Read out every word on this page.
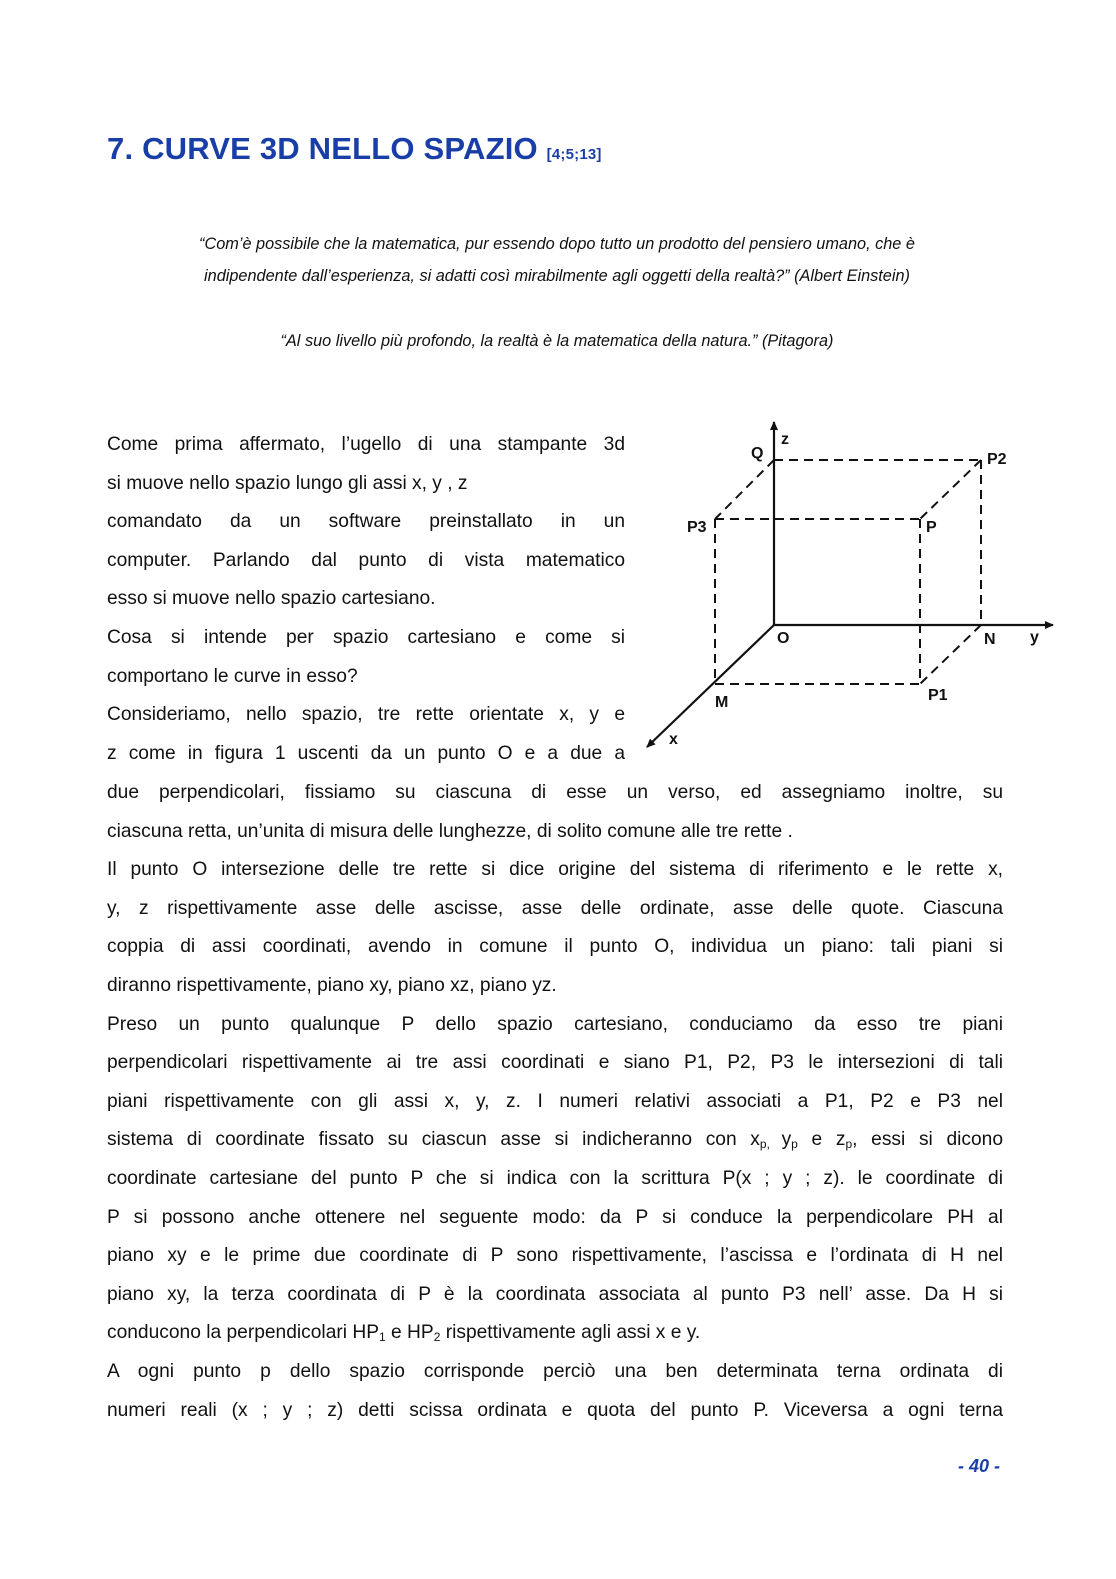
7. CURVE 3D NELLO SPAZIO [4;5;13]
“Com’è possibile che la matematica, pur essendo dopo tutto un prodotto del pensiero umano, che è
indipendente dall’esperienza, si adatti così mirabilmente agli oggetti della realtà?” (Albert Einstein)
“Al suo livello più profondo, la realtà è la matematica della natura.” (Pitagora)
Come prima affermato, l’ugello di una stampante 3d
si muove nello spazio lungo gli assi x, y , z
comandato da un software preinstallato in un
computer. Parlando dal punto di vista matematico
esso si muove nello spazio cartesiano.
Cosa si intende per spazio cartesiano e come si
comportano le curve in esso?
Consideriamo, nello spazio, tre rette orientate x, y e
z come in figura 1 uscenti da un punto O e a due a
z
Q	P2
P3	P
O	N y
M	P1
x
due perpendicolari, fissiamo su ciascuna di esse un verso, ed assegniamo inoltre, su
ciascuna retta, un’unita di misura delle lunghezze, di solito comune alle tre rette .
Il punto O intersezione delle tre rette si dice origine del sistema di riferimento e le rette x,
y, z rispettivamente asse delle ascisse, asse delle ordinate, asse delle quote. Ciascuna
coppia di assi coordinati, avendo in comune il punto O, individua un piano: tali piani si
diranno rispettivamente, piano xy, piano xz, piano yz.
Preso un punto qualunque P dello spazio cartesiano, conduciamo da esso tre piani
perpendicolari rispettivamente ai tre assi coordinati e siano P1, P2, P3 le intersezioni di tali
piani rispettivamente con gli assi x, y, z. I numeri relativi associati a P1, P2 e P3 nel
sistema di coordinate fissato su ciascun asse si indicheranno con $x_{p,}$ $y_p$ e $z_p$, essi si dicono
coordinate cartesiane del punto P che si indica con la scrittura P(x ; y ; z). le coordinate di
P si possono anche ottenere nel seguente modo: da P si conduce la perpendicolare PH al
piano xy e le prime due coordinate di P sono rispettivamente, l’ascissa e l’ordinata di H nel
piano xy, la terza coordinata di P è la coordinata associata al punto P3 nell’ asse. Da H si
conducono la perpendicolari $HP_1$ e $HP_2$ rispettivamente agli assi x e y.
A ogni punto p dello spazio corrisponde perciò una ben determinata terna ordinata di
numeri reali (x ; y ; z) detti scissa ordinata e quota del punto P. Viceversa a ogni terna
- 40 -
